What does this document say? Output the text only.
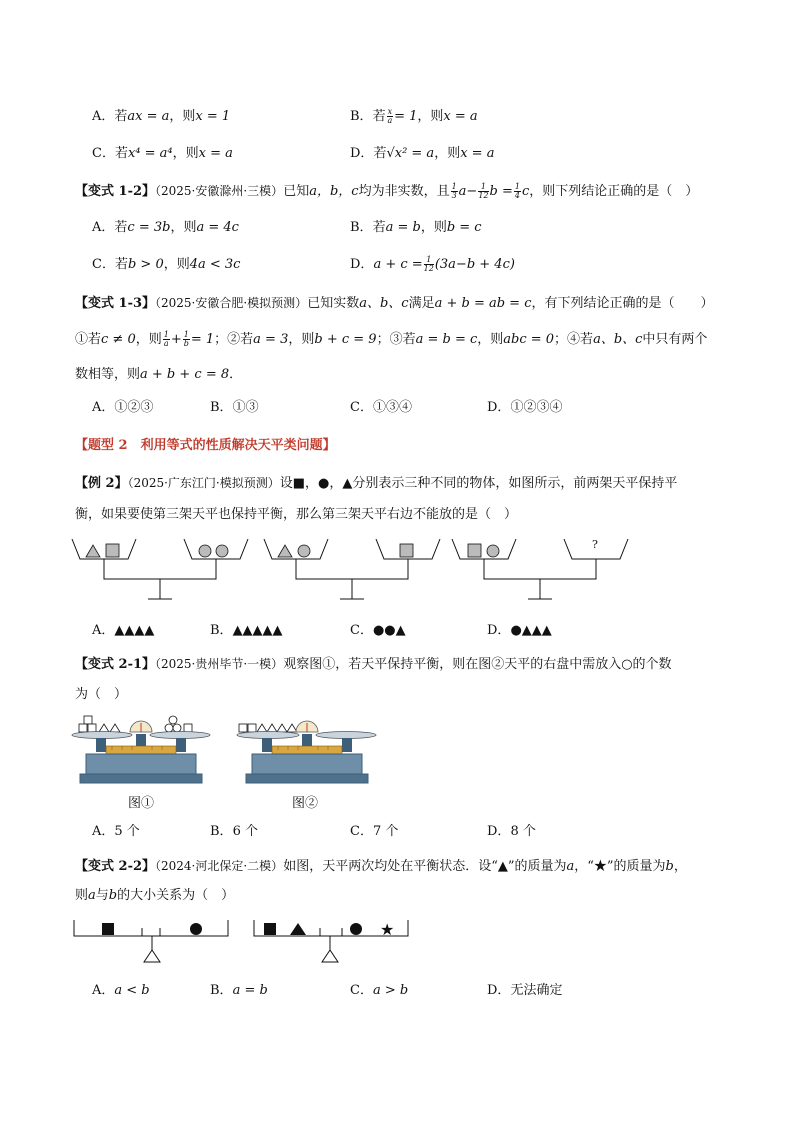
A．若ax = a，则x = 1	B．若 $\frac{x}{a} = 1$，则x = a
C．若x⁴ = a⁴，则x = a	D．若√x² = a，则x = a
【变式 1-2】（2025·安徽滁州·三模）已知a，b，c均为非实数，且 $\frac{1}{3} a- \frac{1}{12}$ $b = \frac{1}{4}$ c，则下列结论正确的是（　）
A．若c = 3b，则a = 4c	B．若a = b，则b = c
C．若b > 0，则4a < 3c	D．$a + c = \frac{1}{12} (3a-b + 4c)$
【变式 1-3】（2025·安徽合肥·模拟预测）已知实数a、b、c满足a + b = ab = c，有下列结论正确的是（　　）
①若c ≠ 0，则 $\frac{1}{a} + \frac{1}{b} = 1$；②若a = 3，则b + c = 9；③若a = b = c，则abc = 0；④若a、b、c中只有两个
数相等，则a + b + c = 8．
A．①②③	B．①③	C．①③④	D．①②③④
【题型 2　利用等式的性质解决天平类问题】
【例 2】（2025·广东江门·模拟预测）设■，●，▲分别表示三种不同的物体，如图所示，前两架天平保持平
衡，如果要使第三架天平也保持平衡，那么第三架天平右边不能放的是（　）
?
A．▲▲▲▲	B．▲▲▲▲▲	C．●●▲	D．●▲▲▲
【变式 2-1】（2025·贵州毕节·一模）观察图①，若天平保持平衡，则在图②天平的右盘中需放入○的个数
为（　）
图①	图②
A．5 个	B．6 个	C．7 个	D．8 个
【变式 2-2】（2024·河北保定·二模）如图，天平两次均处在平衡状态．设“▲”的质量为a，“★”的质量为b，
则a与b的大小关系为（　）
★
A．a < b	B．a = b	C．a > b	D．无法确定
